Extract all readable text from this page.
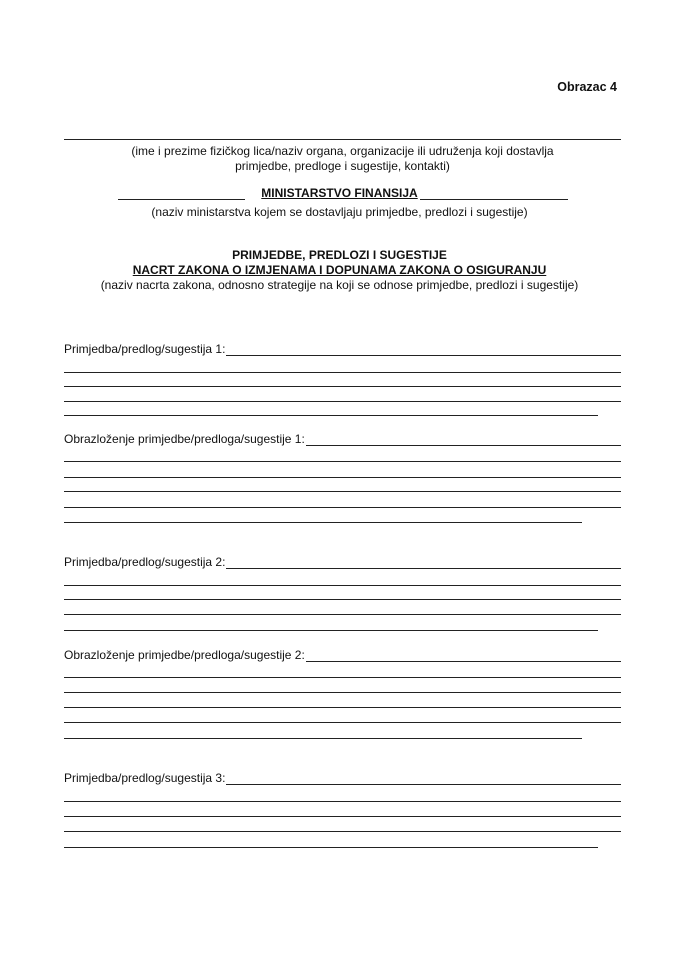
Obrazac 4
(ime i prezime fizičkog lica/naziv organa, organizacije ili udruženja koji dostavlja
primjedbe, predloge i sugestije, kontakti)
MINISTARSTVO FINANSIJA
(naziv ministarstva kojem se dostavljaju primjedbe, predlozi i sugestije)
PRIMJEDBE, PREDLOZI I SUGESTIJE
NACRT ZAKONA O IZMJENAMA I DOPUNAMA ZAKONA O OSIGURANJU
(naziv nacrta zakona, odnosno strategije na koji se odnose primjedbe, predlozi i sugestije)
Primjedba/predlog/sugestija 1:
Obrazloženje primjedbe/predloga/sugestije 1:
Primjedba/predlog/sugestija 2:
Obrazloženje primjedbe/predloga/sugestije 2:
Primjedba/predlog/sugestija 3:
